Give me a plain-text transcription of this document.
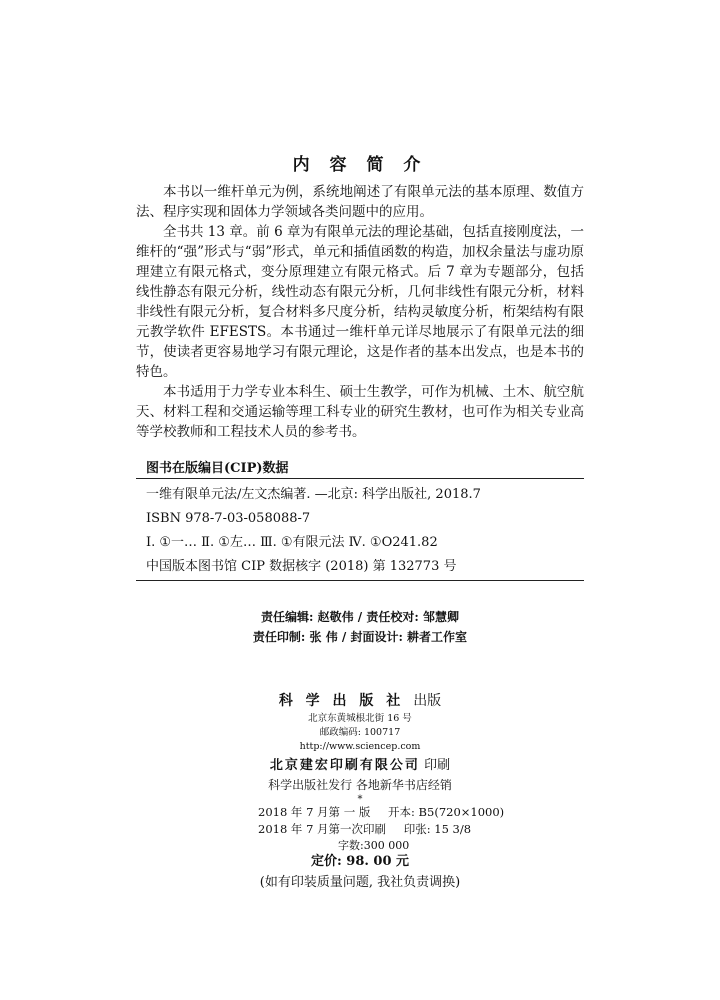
内 容 简 介

本书以一维杆单元为例，系统地阐述了有限单元法的基本原理、数值方法、程序实现和固体力学领域各类问题中的应用。

全书共 13 章。前 6 章为有限单元法的理论基础，包括直接刚度法，一维杆的“强”形式与“弱”形式，单元和插值函数的构造，加权余量法与虚功原理建立有限元格式，变分原理建立有限元格式。后 7 章为专题部分，包括线性静态有限元分析，线性动态有限元分析，几何非线性有限元分析，材料非线性有限元分析，复合材料多尺度分析，结构灵敏度分析，桁架结构有限元教学软件 EFESTS。本书通过一维杆单元详尽地展示了有限单元法的细节，使读者更容易地学习有限元理论，这是作者的基本出发点，也是本书的特色。

本书适用于力学专业本科生、硕士生教学，可作为机械、土木、航空航天、材料工程和交通运输等理工科专业的研究生教材，也可作为相关专业高等学校教师和工程技术人员的参考书。

图书在版编目(CIP)数据
一维有限单元法/左文杰编著. —北京: 科学出版社, 2018.7
ISBN 978-7-03-058088-7
Ⅰ. ①一… Ⅱ. ①左… Ⅲ. ①有限元法 Ⅳ. ①O241.82
中国版本图书馆 CIP 数据核字 (2018) 第 132773 号
责任编辑: 赵敬伟 / 责任校对: 邹慧卿
责任印制: 张 伟 / 封面设计: 耕者工作室
科 学 出 版 社 出版
北京东黄城根北街 16 号
邮政编码: 100717
http://www.sciencep.com
北京建宏印刷有限公司 印刷
科学出版社发行 各地新华书店经销
*
2018 年 7 月第 一 版 开本: B5(720×1000)
2018 年 7 月第一次印刷 印张: 15 3/8
字数:300 000
定价: 98. 00 元
(如有印装质量问题, 我社负责调换)
